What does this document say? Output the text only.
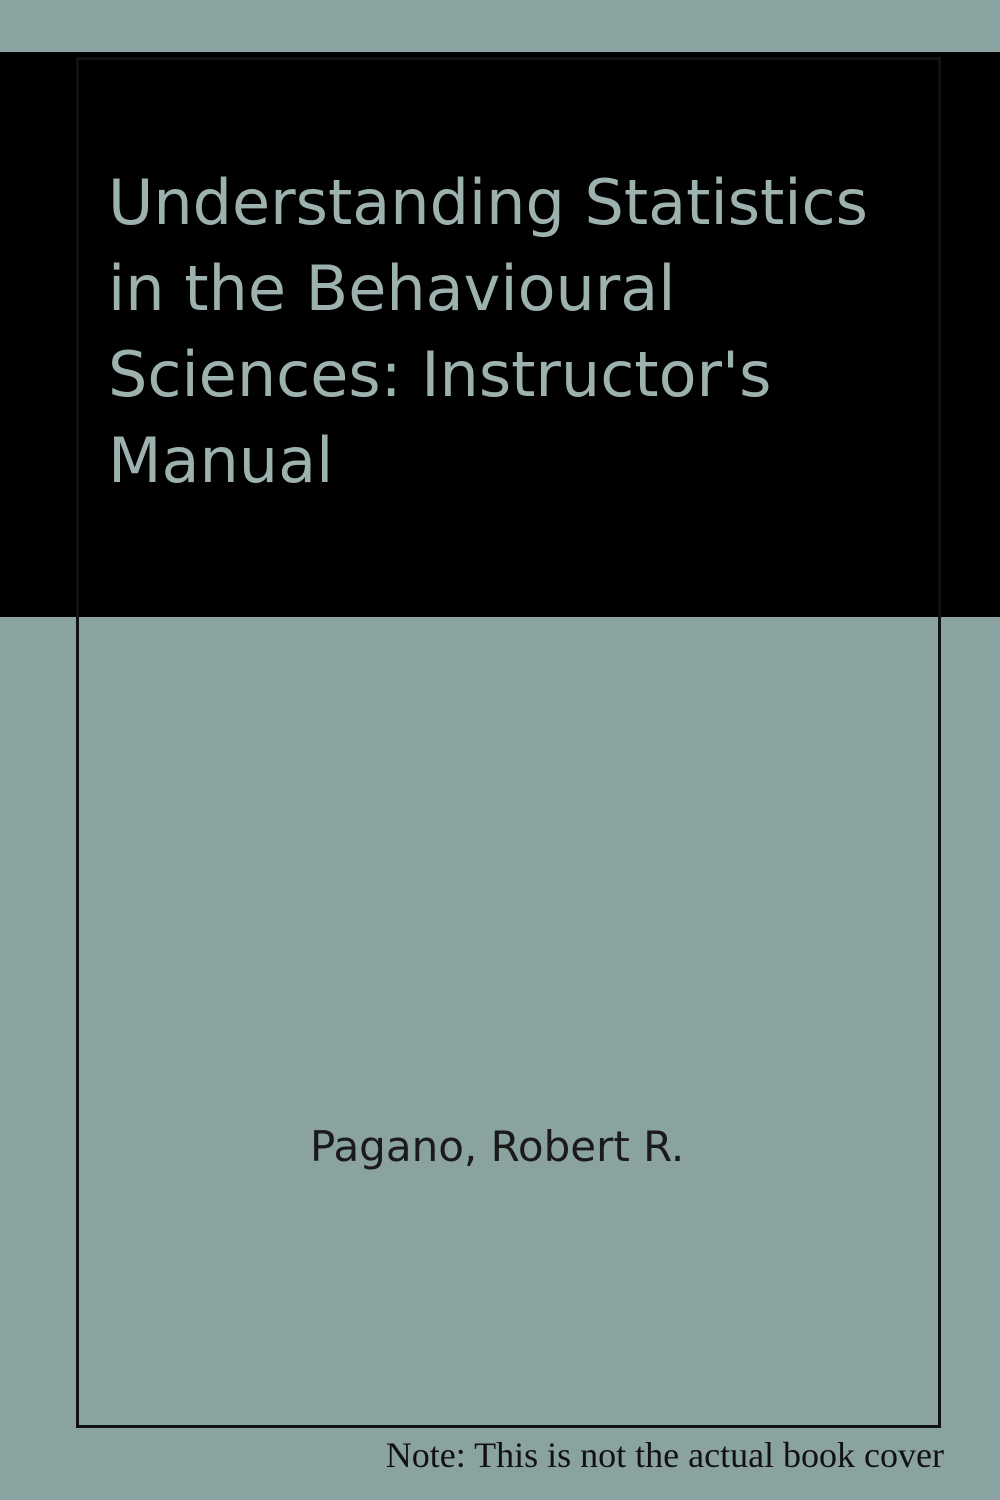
Understanding Statistics in the Behavioural Sciences: Instructor's Manual
Pagano, Robert R.
Note: This is not the actual book cover
